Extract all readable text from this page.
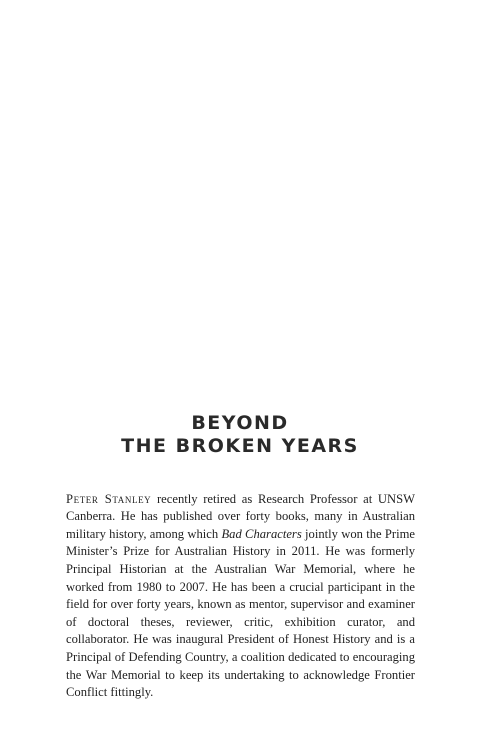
BEYOND
THE BROKEN YEARS

Peter Stanley recently retired as Research Professor at UNSW Canberra. He has published over forty books, many in Australian military history, among which Bad Characters jointly won the Prime Minister’s Prize for Australian History in 2011. He was formerly Principal Historian at the Australian War Memorial, where he worked from 1980 to 2007. He has been a crucial participant in the field for over forty years, known as mentor, supervisor and examiner of doctoral theses, reviewer, critic, exhibition curator, and collaborator. He was inaugural President of Honest History and is a Principal of Defending Country, a coalition dedicated to encouraging the War Memorial to keep its undertaking to acknowledge Frontier Conflict fittingly.
